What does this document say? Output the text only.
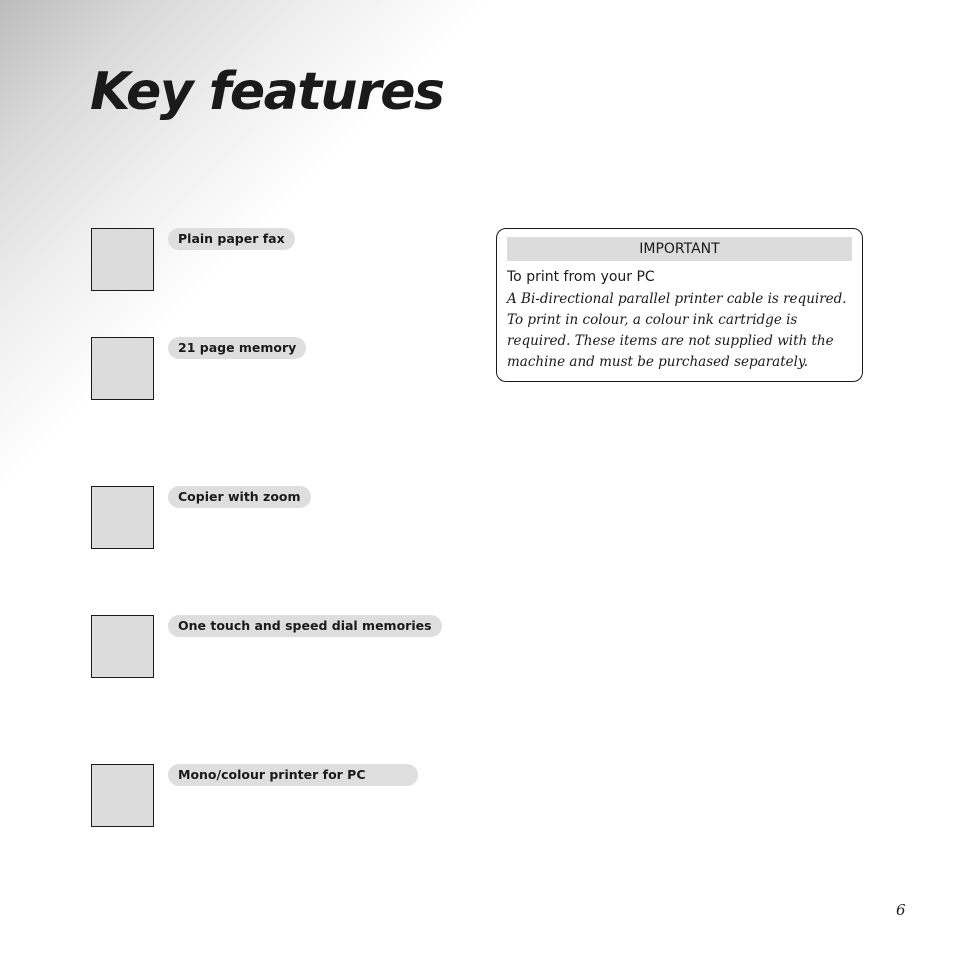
Key features
Plain paper fax
21 page memory
Copier with zoom
One touch and speed dial memories
Mono/colour printer for PC
IMPORTANT
To print from your PC
A Bi-directional parallel printer cable is required.
To print in colour, a colour ink cartridge is
required. These items are not supplied with the
machine and must be purchased separately.
6
